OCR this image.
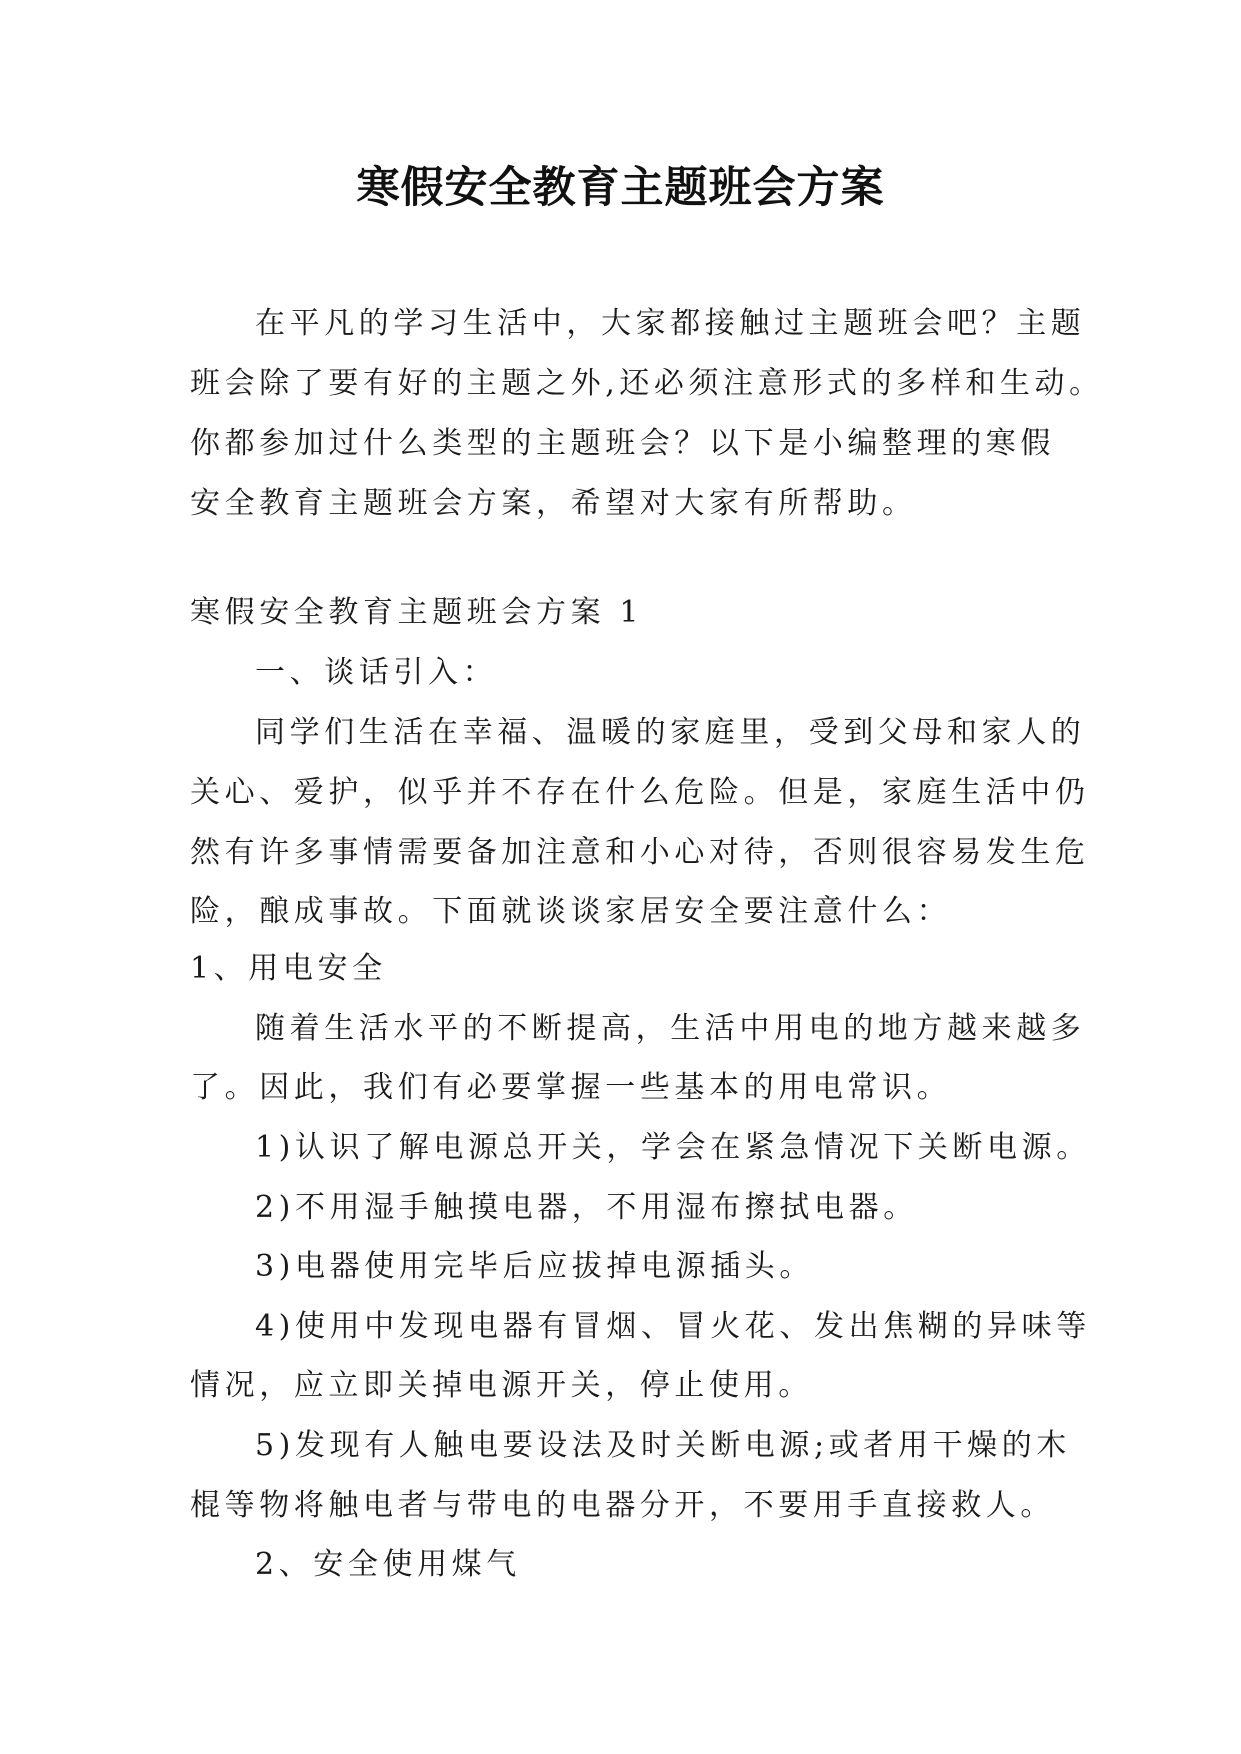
寒假安全教育主题班会方案
在平凡的学习生活中，大家都接触过主题班会吧？主题
班会除了要有好的主题之外,还必须注意形式的多样和生动。
你都参加过什么类型的主题班会？以下是小编整理的寒假
安全教育主题班会方案，希望对大家有所帮助。
寒假安全教育主题班会方案 1
一、谈话引入：
同学们生活在幸福、温暖的家庭里，受到父母和家人的
关心、爱护，似乎并不存在什么危险。但是，家庭生活中仍
然有许多事情需要备加注意和小心对待，否则很容易发生危
险，酿成事故。下面就谈谈家居安全要注意什么：
1、用电安全
随着生活水平的不断提高，生活中用电的地方越来越多
了。因此，我们有必要掌握一些基本的用电常识。
1)认识了解电源总开关，学会在紧急情况下关断电源。
2)不用湿手触摸电器，不用湿布擦拭电器。
3)电器使用完毕后应拔掉电源插头。
4)使用中发现电器有冒烟、冒火花、发出焦糊的异味等
情况，应立即关掉电源开关，停止使用。
5)发现有人触电要设法及时关断电源;或者用干燥的木
棍等物将触电者与带电的电器分开，不要用手直接救人。
2、安全使用煤气
